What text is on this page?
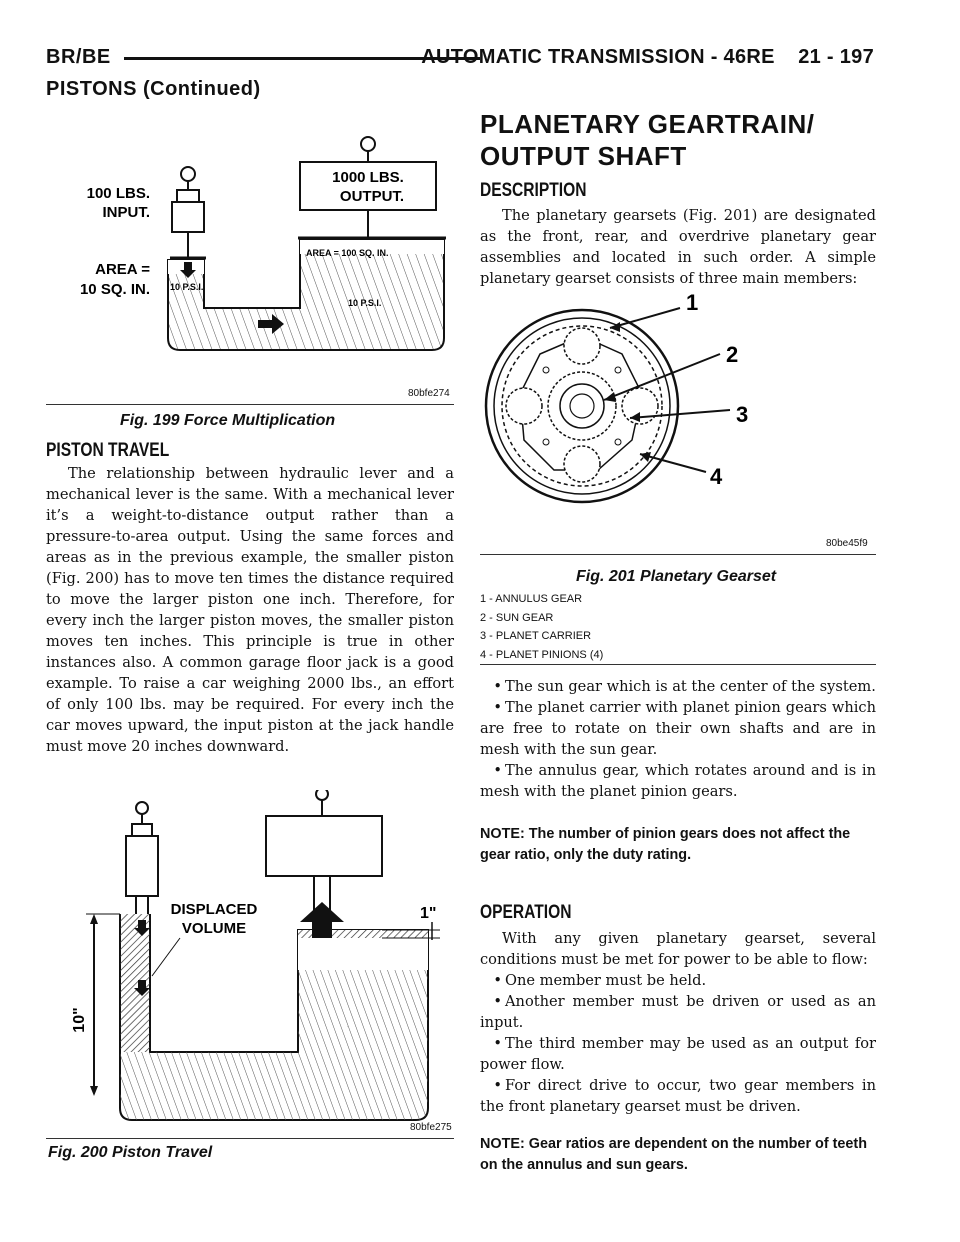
BR/BE	AUTOMATIC TRANSMISSION - 46RE    21 - 197
PISTONS (Continued)
100 LBS.
INPUT.
AREA =
10 SQ. IN.
1000 LBS.
OUTPUT.
AREA = 100 SQ. IN.
10 P.S.I.
10 P.S.I.
80bfe274
Fig. 199 Force Multiplication
PISTON TRAVEL
The relationship between hydraulic lever and a mechanical lever is the same. With a mechanical lever it’s a weight-to-distance output rather than a pressure-to-area output. Using the same forces and areas as in the previous example, the smaller piston (Fig. 200) has to move ten times the distance required to move the larger piston one inch. Therefore, for every inch the larger piston moves, the smaller piston moves ten inches. This principle is true in other instances also. A common garage floor jack is a good example. To raise a car weighing 2000 lbs., an effort of only 100 lbs. may be required. For every inch the car moves upward, the input piston at the jack handle must move 20 inches downward.
10"
1"
DISPLACED
VOLUME
80bfe275
Fig. 200 Piston Travel
PLANETARY GEARTRAIN/
OUTPUT SHAFT
DESCRIPTION
The planetary gearsets (Fig. 201) are designated as the front, rear, and overdrive planetary gear assemblies and located in such order. A simple planetary gearset consists of three main members:
1
2
3
4
80be45f9
Fig. 201 Planetary Gearset
1 - ANNULUS GEAR
2 - SUN GEAR
3 - PLANET CARRIER
4 - PLANET PINIONS (4)
• The sun gear which is at the center of the system.
• The planet carrier with planet pinion gears which are free to rotate on their own shafts and are in mesh with the sun gear.
• The annulus gear, which rotates around and is in mesh with the planet pinion gears.
NOTE: The number of pinion gears does not affect the gear ratio, only the duty rating.
OPERATION
With any given planetary gearset, several conditions must be met for power to be able to flow:
• One member must be held.
• Another member must be driven or used as an input.
• The third member may be used as an output for power flow.
• For direct drive to occur, two gear members in the front planetary gearset must be driven.
NOTE: Gear ratios are dependent on the number of teeth on the annulus and sun gears.
